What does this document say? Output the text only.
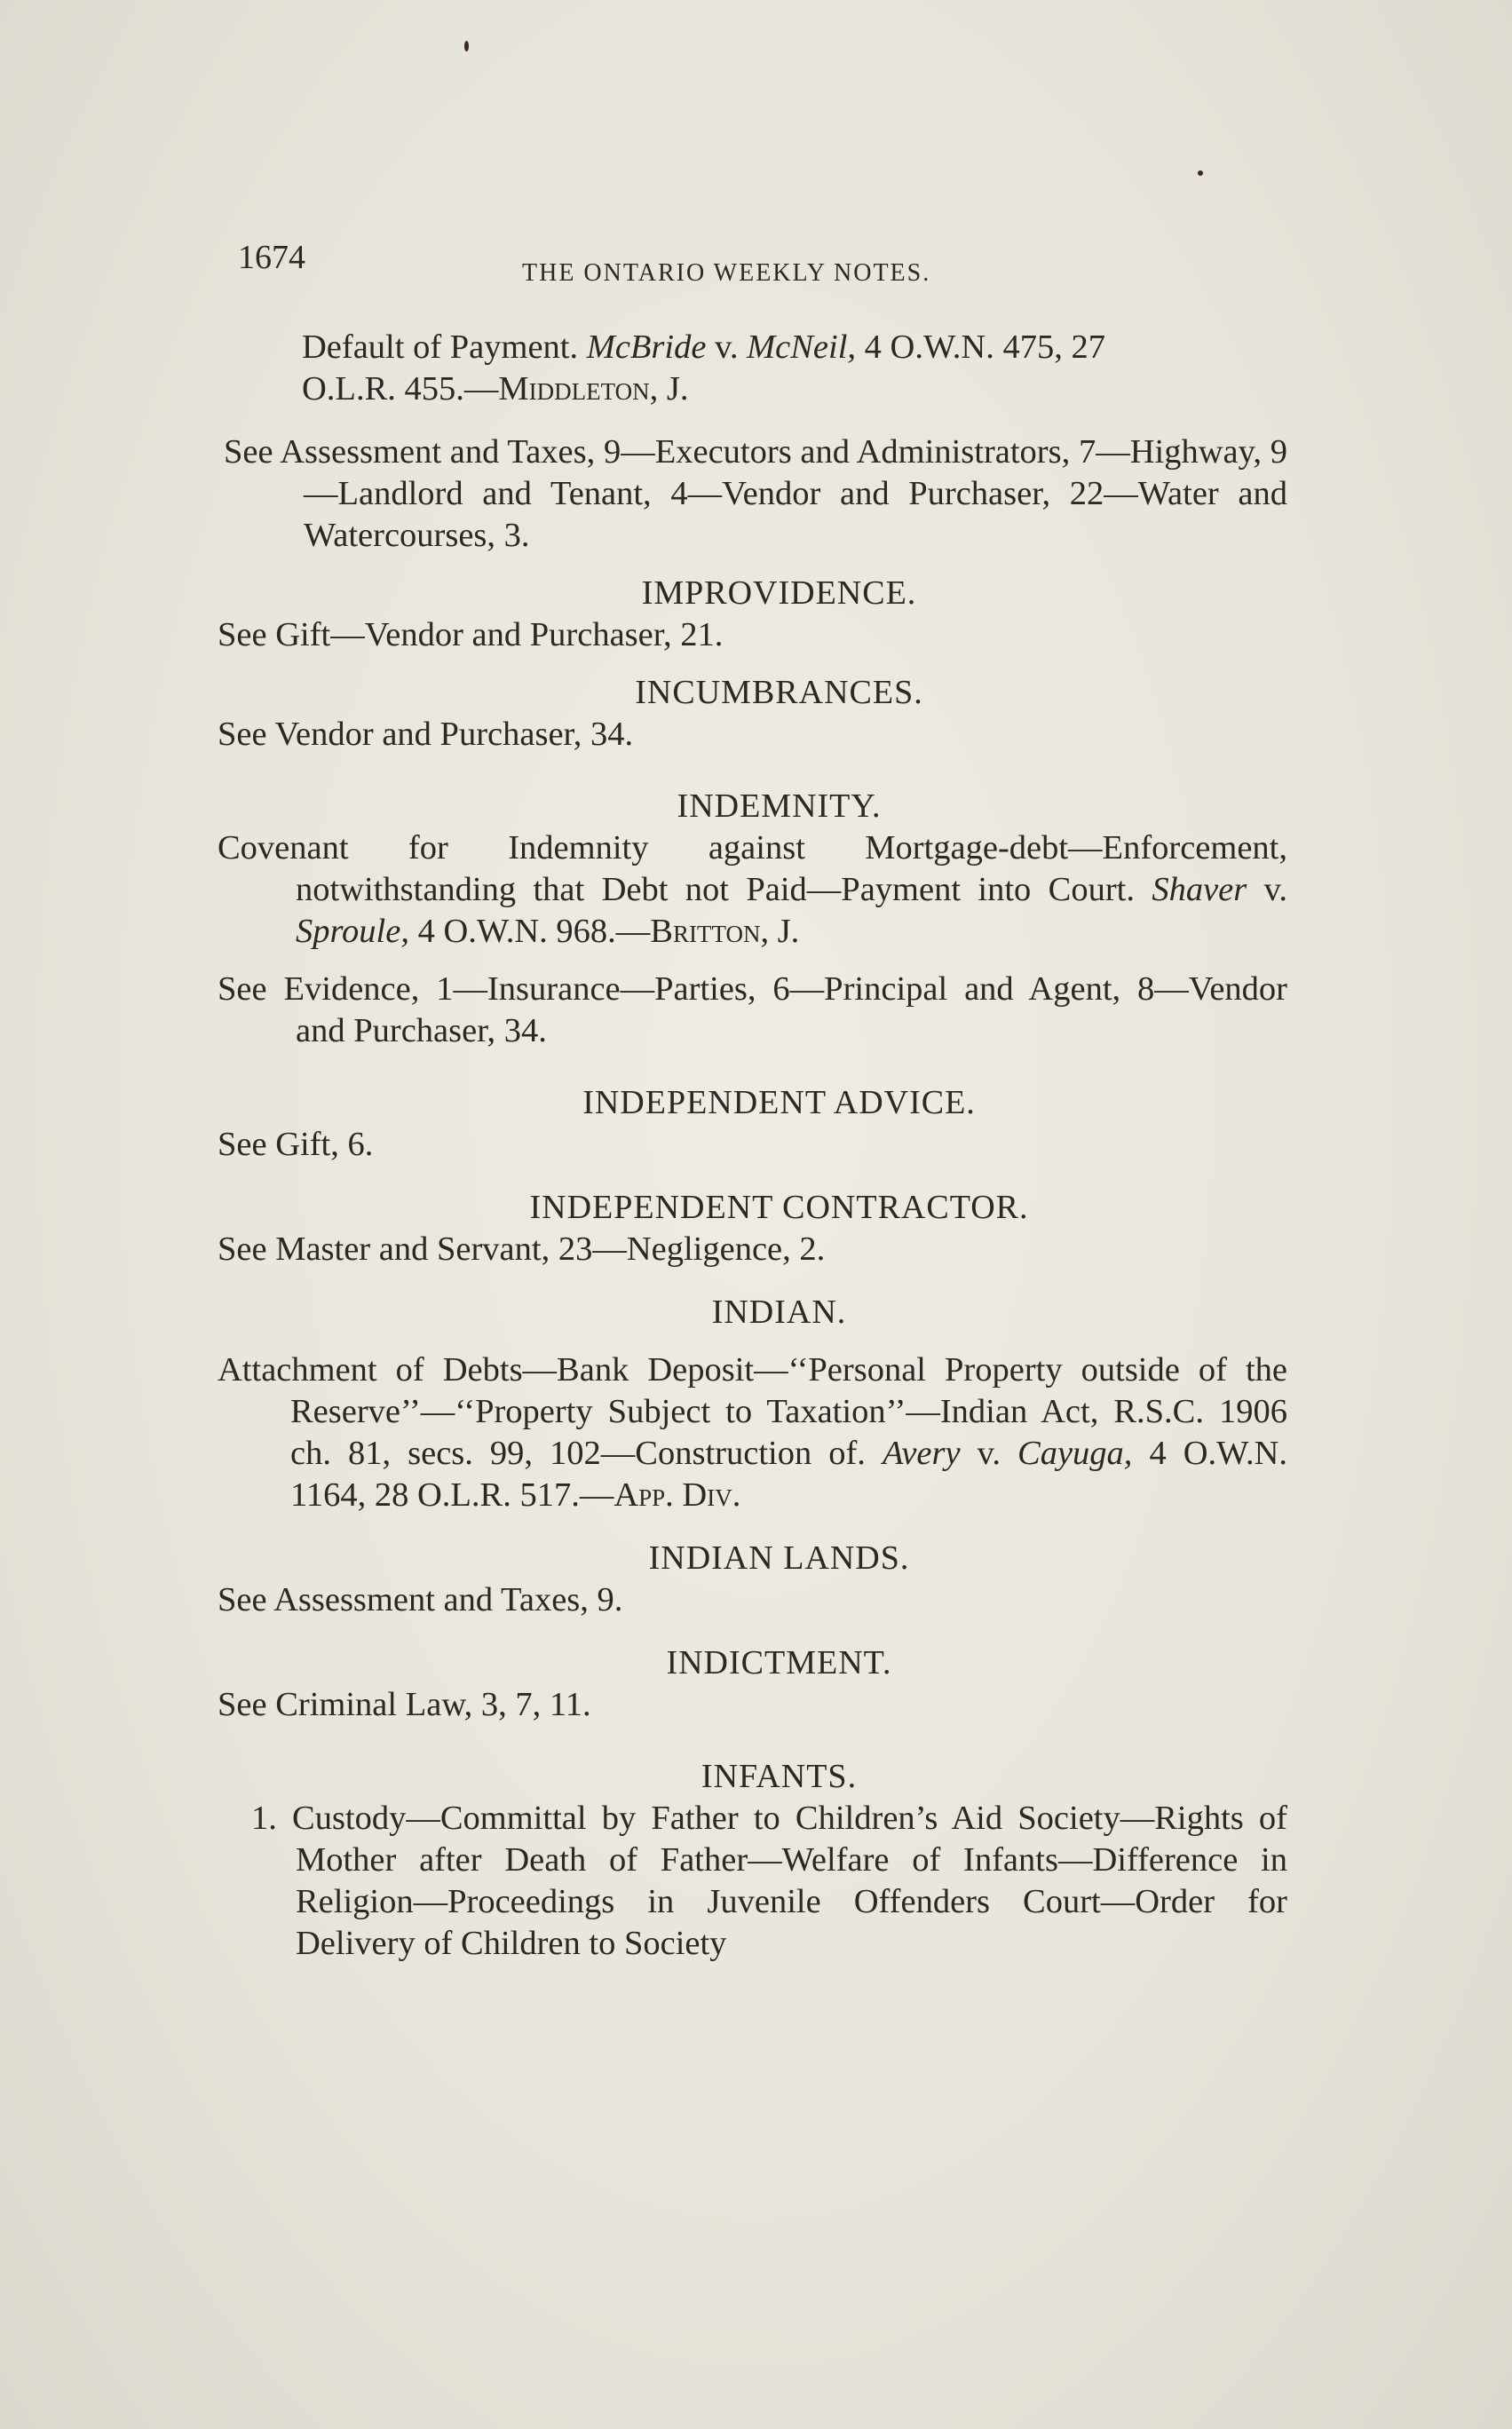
1674	THE ONTARIO WEEKLY NOTES.

Default of Payment. McBride v. McNeil, 4 O.W.N. 475, 27
O.L.R. 455.—Middleton, J.

See Assessment and Taxes, 9—Executors and Administrators, 7—Highway, 9—Landlord and Tenant, 4—Vendor and Purchaser, 22—Water and Watercourses, 3.

IMPROVIDENCE.

See Gift—Vendor and Purchaser, 21.

INCUMBRANCES.

See Vendor and Purchaser, 34.

INDEMNITY.

Covenant for Indemnity against Mortgage-debt—Enforcement, notwithstanding that Debt not Paid—Payment into Court. Shaver v. Sproule, 4 O.W.N. 968.—Britton, J.

See Evidence, 1—Insurance—Parties, 6—Principal and Agent, 8—Vendor and Purchaser, 34.

INDEPENDENT ADVICE.

See Gift, 6.

INDEPENDENT CONTRACTOR.

See Master and Servant, 23—Negligence, 2.

INDIAN.

Attachment of Debts—Bank Deposit—‘‘Personal Property outside of the Reserve’’—‘‘Property Subject to Taxation’’—Indian Act, R.S.C. 1906 ch. 81, secs. 99, 102—Construction of. Avery v. Cayuga, 4 O.W.N. 1164, 28 O.L.R. 517.—App. Div.

INDIAN LANDS.

See Assessment and Taxes, 9.

INDICTMENT.

See Criminal Law, 3, 7, 11.

INFANTS.

1. Custody—Committal by Father to Children’s Aid Society—Rights of Mother after Death of Father—Welfare of Infants—Difference in Religion—Proceedings in Juvenile Offenders Court—Order for Delivery of Children to Society
